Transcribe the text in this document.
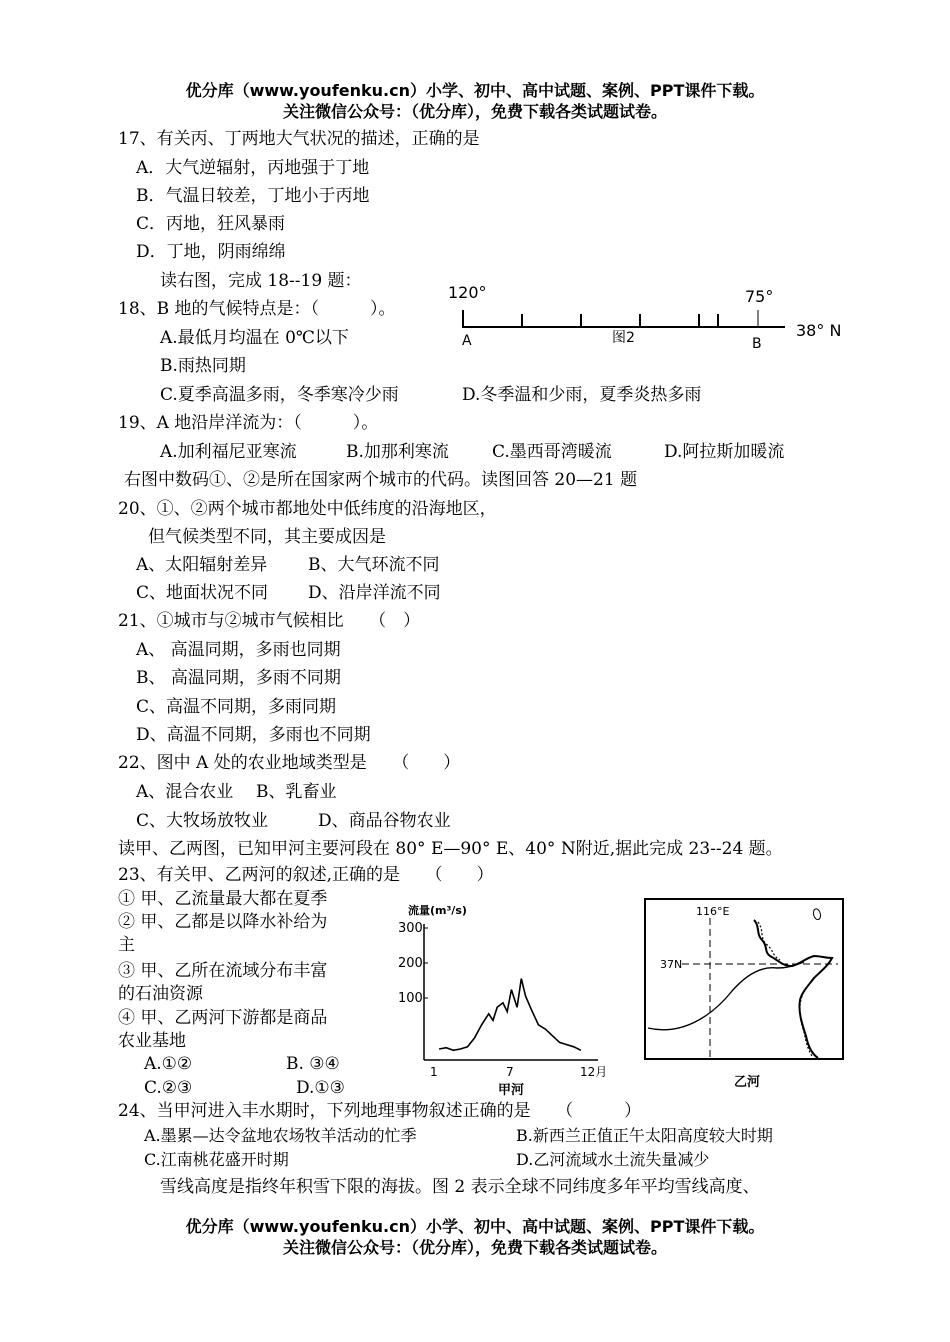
优分库（www.youfenku.cn）小学、初中、高中试题、案例、PPT课件下载。
关注微信公众号：（优分库），免费下载各类试题试卷。
17、有关丙、丁两地大气状况的描述，正确的是
A．大气逆辐射，丙地强于丁地
B．气温日较差，丁地小于丙地
C．丙地，狂风暴雨
D．丁地，阴雨绵绵
读右图，完成 18--19 题：
18、B 地的气候特点是：（　　　）。
A.最低月均温在 0℃以下
B.雨热同期
C.夏季高温多雨，冬季寒冷少雨	D.冬季温和少雨，夏季炎热多雨
120°	75°
A	图2	B
38° N
19、A 地沿岸洋流为：（　　　）。
A.加利福尼亚寒流	B.加那利寒流	C.墨西哥湾暖流	D.阿拉斯加暖流
右图中数码①、②是所在国家两个城市的代码。读图回答 20—21 题
20、①、②两个城市都地处中低纬度的沿海地区，
但气候类型不同，其主要成因是
A、太阳辐射差异 B、大气环流不同
C、地面状况不同 D、沿岸洋流不同
21、①城市与②城市气候相比　　（　）
A、 高温同期，多雨也同期
B、 高温同期，多雨不同期
C、高温不同期，多雨同期
D、高温不同期，多雨也不同期
22、图中 A 处的农业地域类型是　　（　　）
A、混合农业 B、乳畜业
C、大牧场放牧业	D、商品谷物农业
读甲、乙两图，已知甲河主要河段在 80° E—90° E、40° N附近,据此完成 23--24 题。
23、有关甲、乙两河的叙述,正确的是　　（　　）
① 甲、乙流量最大都在夏季
② 甲、乙都是以降水补给为
主
③ 甲、乙所在流域分布丰富
的石油资源
④ 甲、乙两河下游都是商品
农业基地
A.①②	B. ③④
C.②③	D.①③
流量(m³/s)
300
200
100
1	7	12月
甲河
116°E
37N
乙河
24、当甲河进入丰水期时，下列地理事物叙述正确的是　　（　　　）
A.墨累—达令盆地农场牧羊活动的忙季	B.新西兰正值正午太阳高度较大时期
C.江南桃花盛开时期	D.乙河流域水土流失量减少
雪线高度是指终年积雪下限的海拔。图 2 表示全球不同纬度多年平均雪线高度、
优分库（www.youfenku.cn）小学、初中、高中试题、案例、PPT课件下载。
关注微信公众号：（优分库），免费下载各类试题试卷。
